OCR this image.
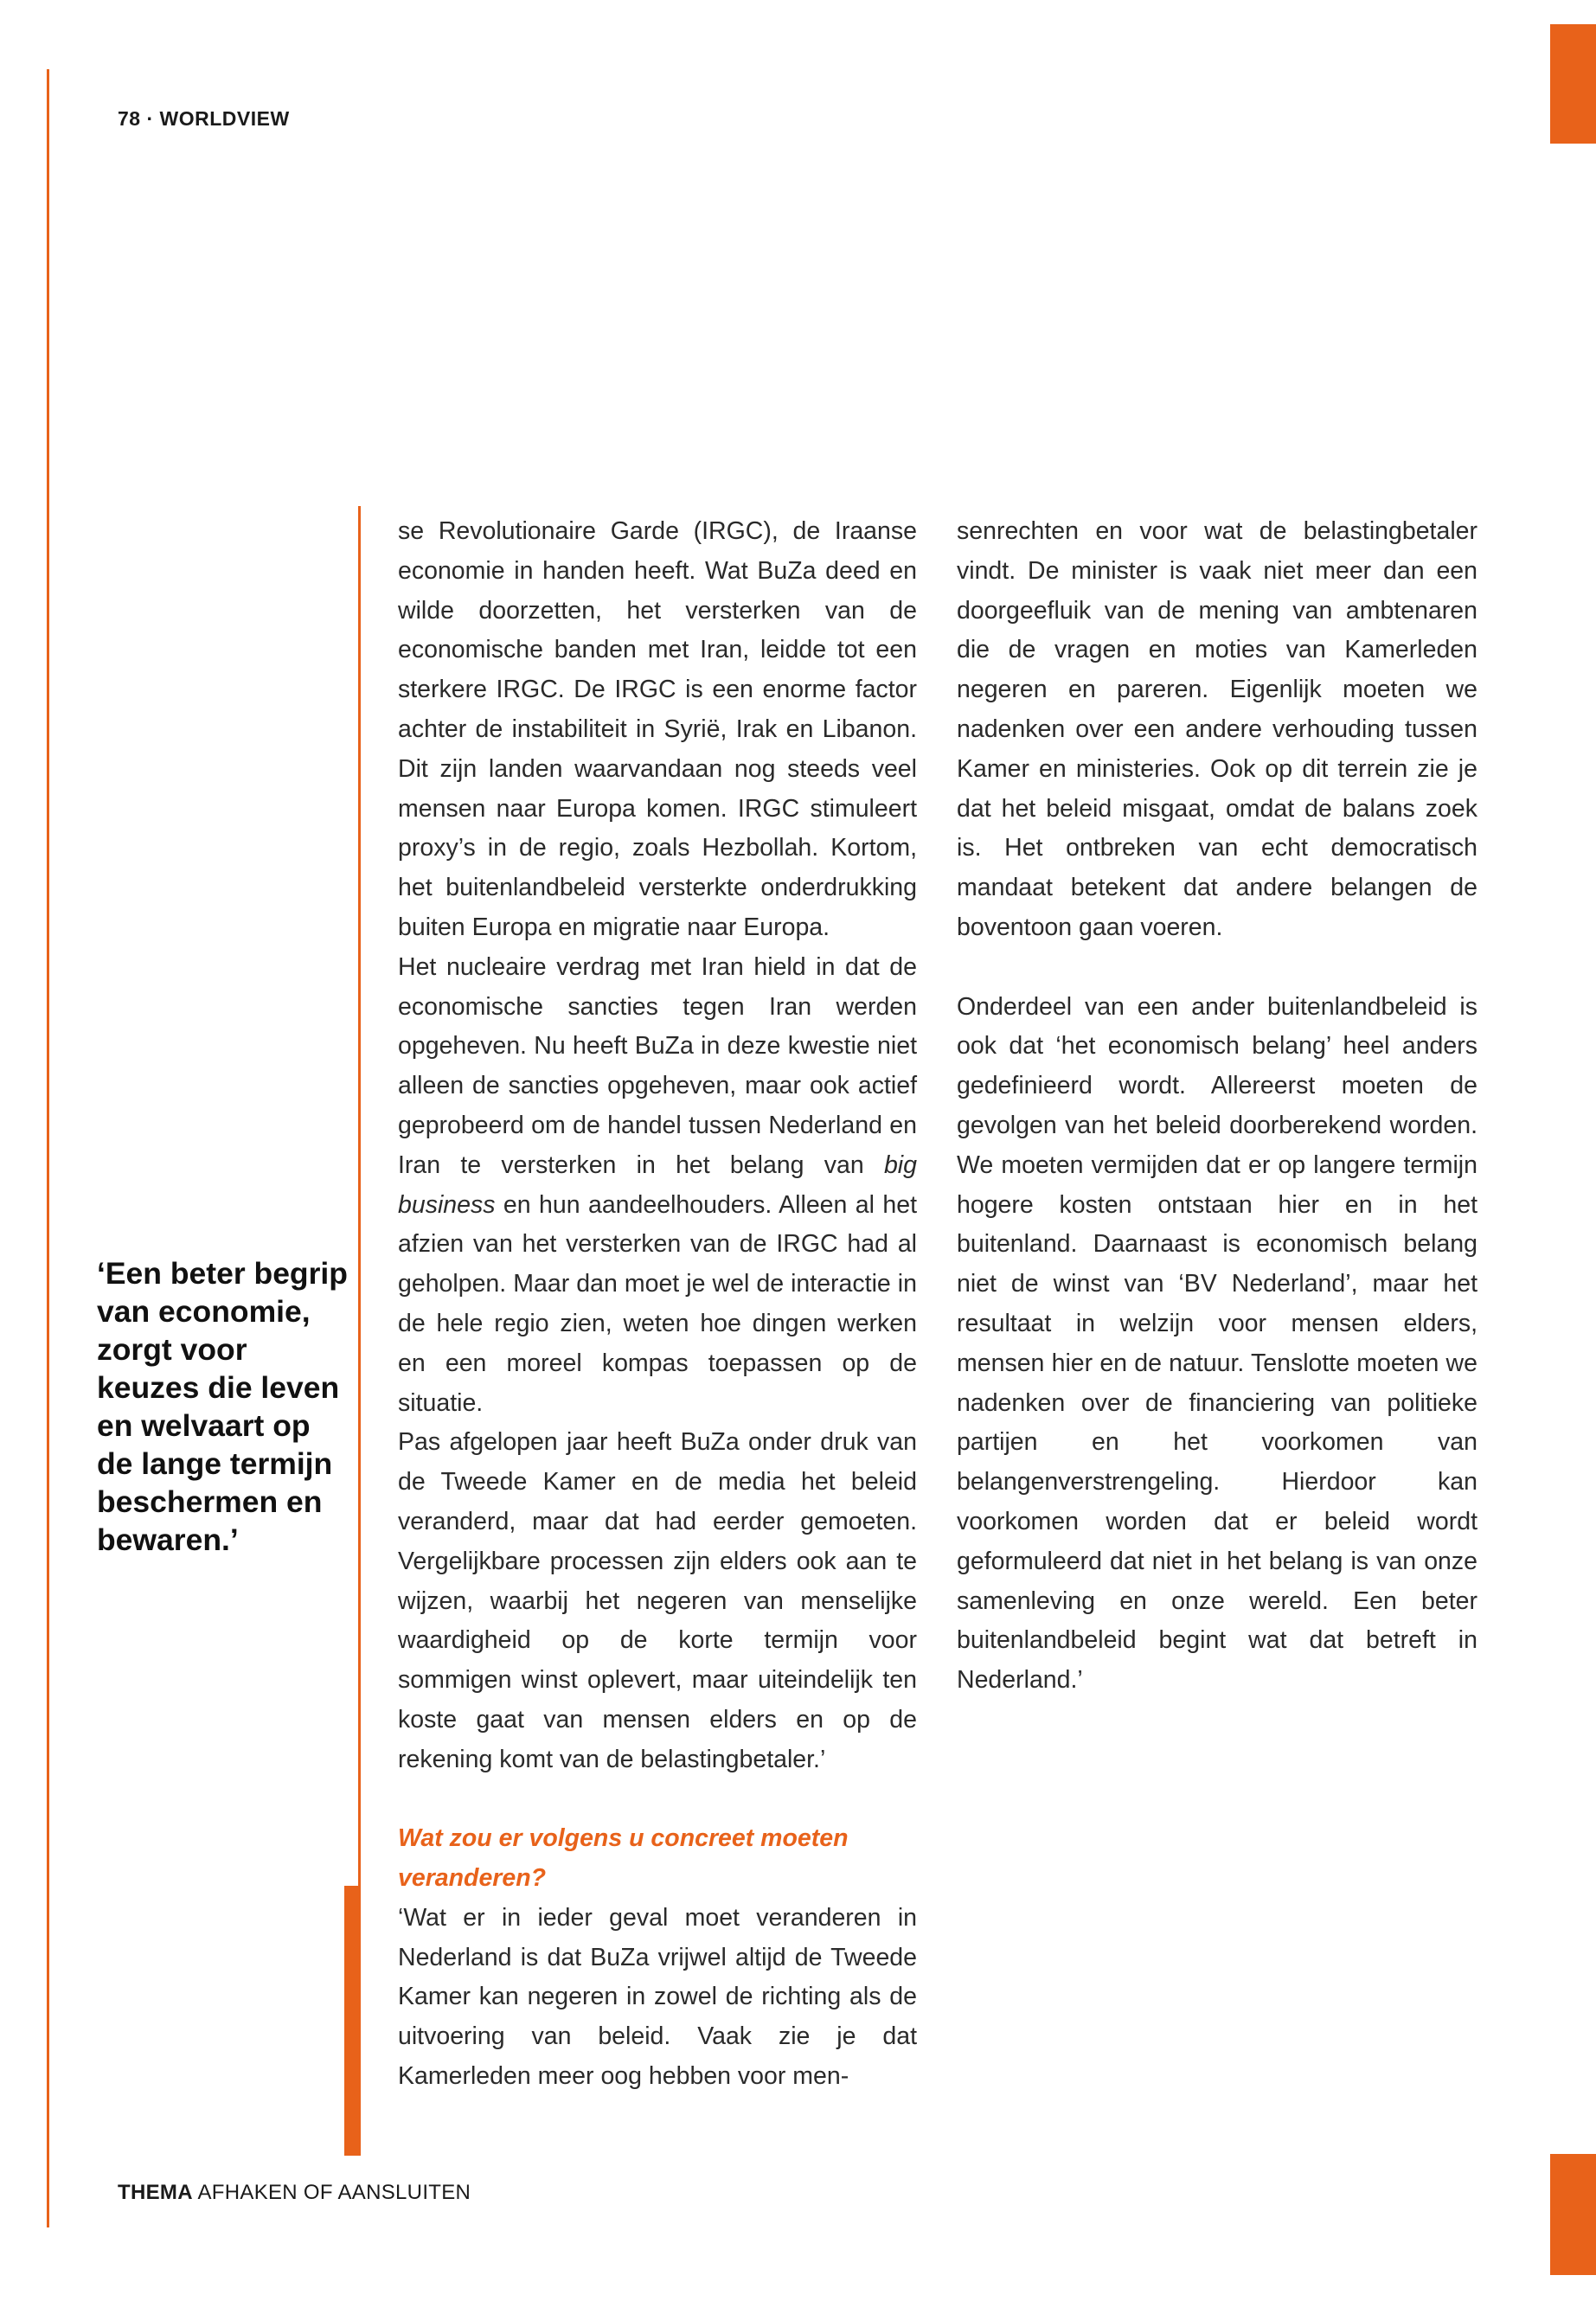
78 · WORLDVIEW
‘Een beter begrip van economie, zorgt voor keuzes die leven en welvaart op de lange termijn beschermen en bewaren.’

se Revolutionaire Garde (IRGC), de Iraanse economie in handen heeft. Wat BuZa deed en wilde doorzetten, het versterken van de economische banden met Iran, leidde tot een sterkere IRGC. De IRGC is een enorme factor achter de instabiliteit in Syrië, Irak en Libanon. Dit zijn landen waarvandaan nog steeds veel mensen naar Europa komen. IRGC stimuleert proxy’s in de regio, zoals Hezbollah. Kortom, het buitenlandbeleid versterkte onderdrukking buiten Europa en migratie naar Europa.

Het nucleaire verdrag met Iran hield in dat de economische sancties tegen Iran werden opgeheven. Nu heeft BuZa in deze kwestie niet alleen de sancties opgeheven, maar ook actief geprobeerd om de handel tussen Nederland en Iran te versterken in het belang van big business en hun aandeelhouders. Alleen al het afzien van het versterken van de IRGC had al geholpen. Maar dan moet je wel de interactie in de hele regio zien, weten hoe dingen werken en een moreel kompas toepassen op de situatie.

Pas afgelopen jaar heeft BuZa onder druk van de Tweede Kamer en de media het beleid veranderd, maar dat had eerder gemoeten. Vergelijkbare processen zijn elders ook aan te wijzen, waarbij het negeren van menselijke waardigheid op de korte termijn voor sommigen winst oplevert, maar uiteindelijk ten koste gaat van mensen elders en op de rekening komt van de belastingbetaler.’

Wat zou er volgens u concreet moeten veranderen?

‘Wat er in ieder geval moet veranderen in Nederland is dat BuZa vrijwel altijd de Tweede Kamer kan negeren in zowel de richting als de uitvoering van beleid. Vaak zie je dat Kamerleden meer oog hebben voor men-

senrechten en voor wat de belastingbetaler vindt. De minister is vaak niet meer dan een doorgeefluik van de mening van ambtenaren die de vragen en moties van Kamerleden negeren en pareren. Eigenlijk moeten we nadenken over een andere verhouding tussen Kamer en ministeries. Ook op dit terrein zie je dat het beleid misgaat, omdat de balans zoek is. Het ontbreken van echt democratisch mandaat betekent dat andere belangen de boventoon gaan voeren.

Onderdeel van een ander buitenlandbeleid is ook dat ‘het economisch belang’ heel anders gedefinieerd wordt. Allereerst moeten de gevolgen van het beleid doorberekend worden. We moeten vermijden dat er op langere termijn hogere kosten ontstaan hier en in het buitenland. Daarnaast is economisch belang niet de winst van ‘BV Nederland’, maar het resultaat in welzijn voor mensen elders, mensen hier en de natuur. Tenslotte moeten we nadenken over de financiering van politieke partijen en het voorkomen van belangenverstrengeling. Hierdoor kan voorkomen worden dat er beleid wordt geformuleerd dat niet in het belang is van onze samenleving en onze wereld. Een beter buitenlandbeleid begint wat dat betreft in Nederland.’

THEMA AFHAKEN OF AANSLUITEN
